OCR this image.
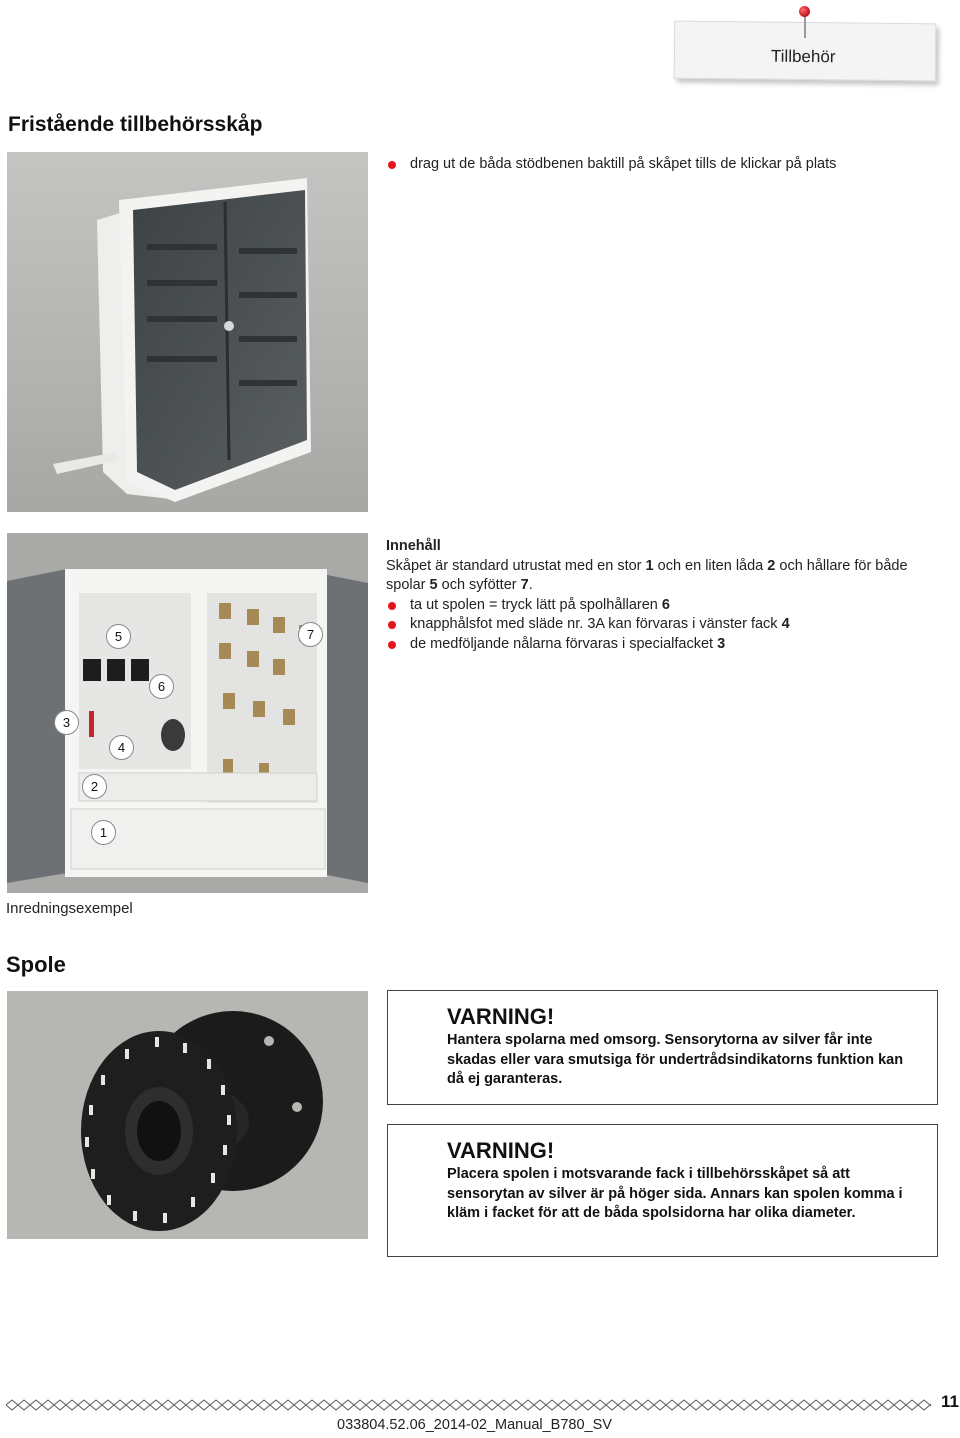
Tillbehör
Fristående tillbehörsskåp
drag ut de båda stödbenen baktill på skåpet tills de klickar på plats
5	7
6
3
4
2
1
Innehåll
Skåpet är standard utrustat med en stor 1 och en liten låda 2 och hållare för både spolar 5 och syfötter 7.
ta ut spolen = tryck lätt på spolhållaren 6
knapphålsfot med släde nr. 3A kan förvaras i vänster fack 4
de medföljande nålarna förvaras i specialfacket 3
Inredningsexempel
Spole
VARNING!
Hantera spolarna med omsorg. Sensorytorna av silver får inte skadas eller vara smutsiga för undertrådsindikatorns funktion kan då ej garanteras.
VARNING!
Placera spolen i motsvarande fack i tillbehörsskåpet så att sensorytan av silver är på höger sida. Annars kan spolen komma i kläm i facket för att de båda spolsidorna har olika diameter.
11
033804.52.06_2014-02_Manual_B780_SV
